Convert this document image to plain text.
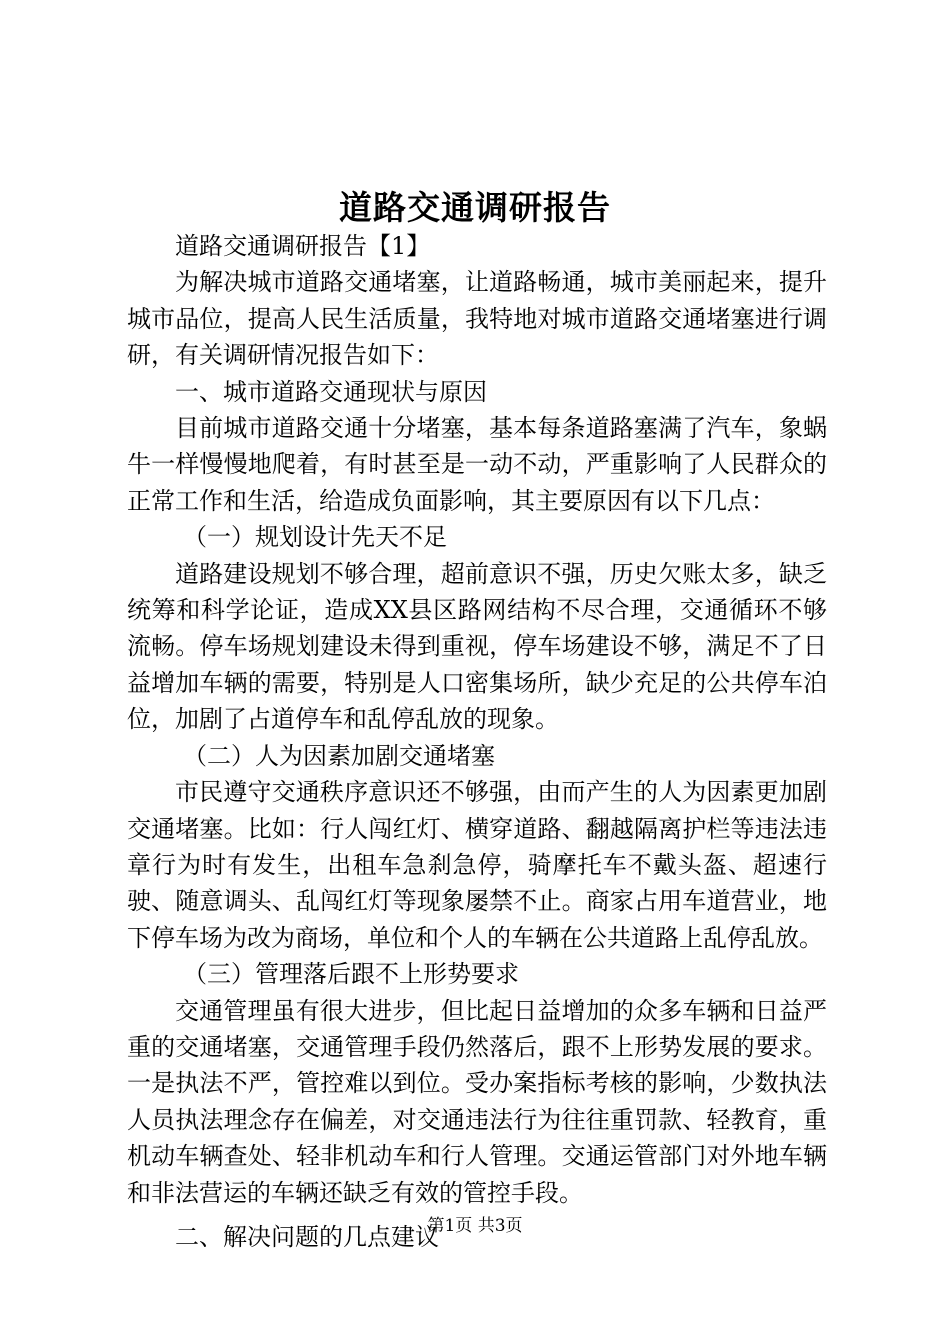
道路交通调研报告

道路交通调研报告【1】

为解决城市道路交通堵塞，让道路畅通，城市美丽起来，提升城市品位，提高人民生活质量，我特地对城市道路交通堵塞进行调研，有关调研情况报告如下：

一、城市道路交通现状与原因

目前城市道路交通十分堵塞，基本每条道路塞满了汽车，象蜗牛一样慢慢地爬着，有时甚至是一动不动，严重影响了人民群众的正常工作和生活，给造成负面影响，其主要原因有以下几点：

（一）规划设计先天不足

道路建设规划不够合理，超前意识不强，历史欠账太多，缺乏统筹和科学论证，造成XX县区路网结构不尽合理，交通循环不够流畅。停车场规划建设未得到重视，停车场建设不够，满足不了日益增加车辆的需要，特别是人口密集场所，缺少充足的公共停车泊位，加剧了占道停车和乱停乱放的现象。

（二）人为因素加剧交通堵塞

市民遵守交通秩序意识还不够强，由而产生的人为因素更加剧交通堵塞。比如：行人闯红灯、横穿道路、翻越隔离护栏等违法违章行为时有发生，出租车急刹急停，骑摩托车不戴头盔、超速行驶、随意调头、乱闯红灯等现象屡禁不止。商家占用车道营业，地下停车场为改为商场，单位和个人的车辆在公共道路上乱停乱放。

（三）管理落后跟不上形势要求

交通管理虽有很大进步，但比起日益增加的众多车辆和日益严重的交通堵塞，交通管理手段仍然落后，跟不上形势发展的要求。一是执法不严，管控难以到位。受办案指标考核的影响，少数执法人员执法理念存在偏差，对交通违法行为往往重罚款、轻教育，重机动车辆查处、轻非机动车和行人管理。交通运管部门对外地车辆和非法营运的车辆还缺乏有效的管控手段。

二、解决问题的几点建议

第1页 共3页
